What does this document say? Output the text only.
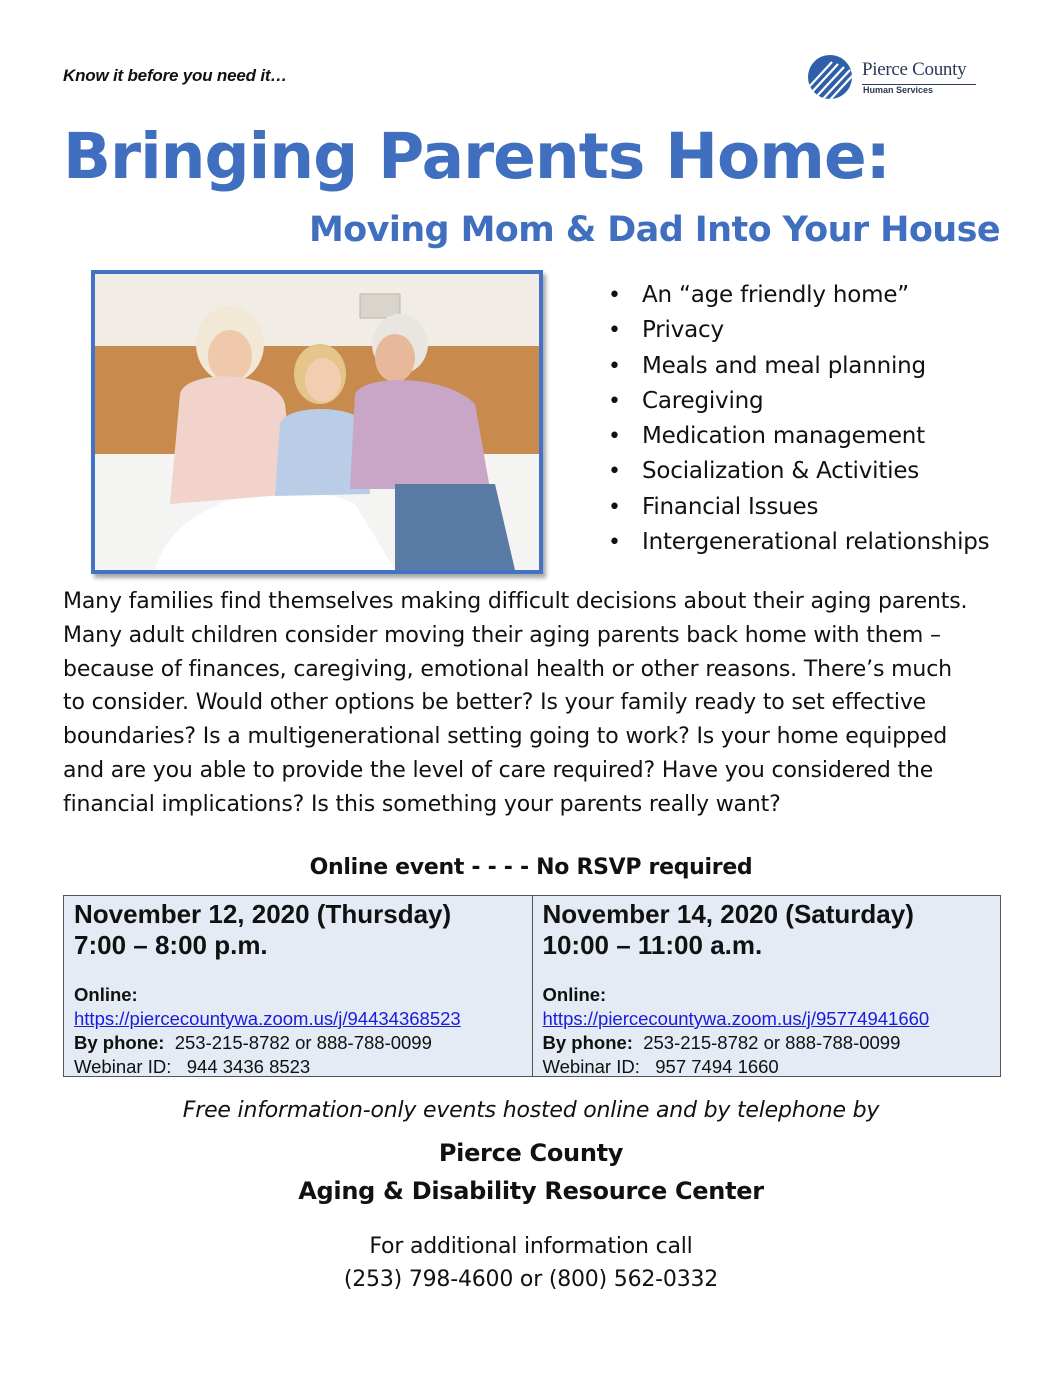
Know it before you need it…	Pierce County
Human Services
Bringing Parents Home:
Moving Mom & Dad Into Your House
• An “age friendly home”
• Privacy
• Meals and meal planning
• Caregiving
• Medication management
• Socialization & Activities
• Financial Issues
• Intergenerational relationships
Many families find themselves making difficult decisions about their aging parents.
Many adult children consider moving their aging parents back home with them –
because of finances, caregiving, emotional health or other reasons. There’s much
to consider. Would other options be better? Is your family ready to set effective
boundaries? Is a multigenerational setting going to work? Is your home equipped
and are you able to provide the level of care required? Have you considered the
financial implications? Is this something your parents really want?
Online event - - - - No RSVP required
November 12, 2020 (Thursday)
7:00 – 8:00 p.m.
Online:
https://piercecountywa.zoom.us/j/94434368523
By phone:  253-215-8782 or 888-788-0099
Webinar ID:   944 3436 8523
November 14, 2020 (Saturday)
10:00 – 11:00 a.m.
Online:
https://piercecountywa.zoom.us/j/95774941660
By phone:  253-215-8782 or 888-788-0099
Webinar ID:   957 7494 1660
Free information-only events hosted online and by telephone by
Pierce County
Aging & Disability Resource Center
For additional information call
(253) 798-4600 or (800) 562-0332
